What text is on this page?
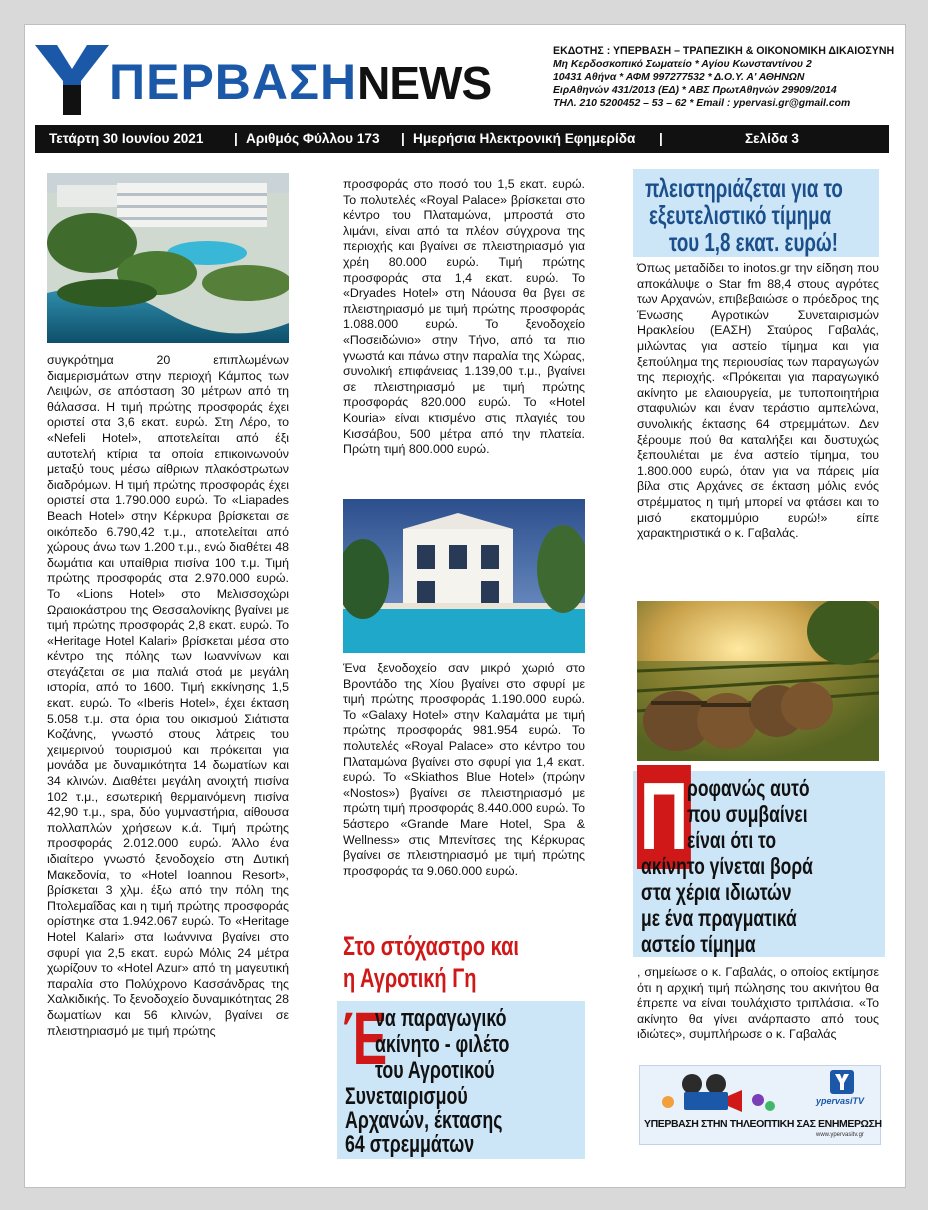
ΠΕΡΒΑΣΗNEWS
ΕΚΔΟΤΗΣ : ΥΠΕΡΒΑΣΗ – ΤΡΑΠΕΖΙΚΗ & ΟΙΚΟΝΟΜΙΚΗ ΔΙΚΑΙΟΣΥΝΗ
Μη Κερδοσκοπικό Σωματείο * Αγίου Κωνσταντίνου 2
10431 Αθήνα * ΑΦΜ 997277532 * Δ.Ο.Υ. Α' ΑΘΗΝΩΝ
ΕιρΑθηνών 431/2013 (ΕΔ) * ΑΒΣ ΠρωτΑθηνών 29909/2014
ΤΗΛ. 210 5200452 – 53 – 62 * Email : ypervasi.gr@gmail.com
Τετάρτη 30 Ιουνίου 2021 | Αριθμός Φύλλου 173 | Ημερήσια Ηλεκτρονική Εφημερίδα |	Σελίδα 3

συγκρότημα 20 επιπλωμένων διαμερισμάτων στην περιοχή Κάμπος των Λειψών, σε απόσταση 30 μέτρων από τη θάλασσα. Η τιμή πρώτης προσφοράς έχει οριστεί στα 3,6 εκατ. ευρώ. Στη Λέρο, το «Nefeli Hotel», αποτελείται από έξι αυτοτελή κτίρια τα οποία επικοινωνούν μεταξύ τους μέσω αίθριων πλακόστρωτων διαδρόμων. Η τιμή πρώτης προσφοράς έχει οριστεί στα 1.790.000 ευρώ. Το «Liapades Beach Hotel» στην Κέρκυρα βρίσκεται σε οικόπεδο 6.790,42 τ.μ., αποτελείται από χώρους άνω των 1.200 τ.μ., ενώ διαθέτει 48 δωμάτια και υπαίθρια πισίνα 100 τ.μ. Τιμή πρώτης προσφοράς στα 2.970.000 ευρώ. Το «Lions Hotel» στο Μελισσοχώρι Ωραιοκάστρου της Θεσσαλονίκης βγαίνει με τιμή πρώτης προσφοράς 2,8 εκατ. ευρώ. Το «Heritage Hotel Kalari» βρίσκεται μέσα στο κέντρο της πόλης των Ιωαννίνων και στεγάζεται σε μια παλιά στοά με μεγάλη ιστορία, από το 1600. Τιμή εκκίνησης 1,5 εκατ. ευρώ. Το «Iberis Hotel», έχει έκταση 5.058 τ.μ. στα όρια του οικισμού Σιάτιστα Κοζάνης, γνωστό στους λάτρεις του χειμερινού τουρισμού και πρόκειται για μονάδα με δυναμικότητα 14 δωματίων και 34 κλινών. Διαθέτει μεγάλη ανοιχτή πισίνα 102 τ.μ., εσωτερική θερμαινόμενη πισίνα 42,90 τ.μ., spa, δύο γυμναστήρια, αίθουσα πολλαπλών χρήσεων κ.ά. Τιμή πρώτης προσφοράς 2.012.000 ευρώ. Άλλο ένα ιδιαίτερο γνωστό ξενοδοχείο στη Δυτική Μακεδονία, το «Hotel Ioannou Resort», βρίσκεται 3 χλμ. έξω από την πόλη της Πτολεμαΐδας και η τιμή πρώτης προσφοράς ορίστηκε στα 1.942.067 ευρώ. Το «Heritage Hotel Kalari» στα Ιωάννινα βγαίνει στο σφυρί για 2,5 εκατ. ευρώ Μόλις 24 μέτρα χωρίζουν το «Hotel Azur» από τη μαγευτική παραλία στο Πολύχρονο Κασσάνδρας της Χαλκιδικής. Το ξενοδοχείο δυναμικότητας 28 δωματίων και 56 κλινών, βγαίνει σε πλειστηριασμό με τιμή πρώτης

προσφοράς στο ποσό του 1,5 εκατ. ευρώ. Το πολυτελές «Royal Palace» βρίσκεται στο κέντρο του Πλαταμώνα, μπροστά στο λιμάνι, είναι από τα πλέον σύγχρονα της περιοχής και βγαίνει σε πλειστηριασμό για χρέη 80.000 ευρώ. Τιμή πρώτης προσφοράς στα 1,4 εκατ. ευρώ. Το «Dryades Hotel» στη Νάουσα θα βγει σε πλειστηριασμό με τιμή πρώτης προσφοράς 1.088.000 ευρώ. Το ξενοδοχείο «Ποσειδώνιο» στην Τήνο, από τα πιο γνωστά και πάνω στην παραλία της Χώρας, συνολική επιφάνειας 1.139,00 τ.μ., βγαίνει σε πλειστηριασμό με τιμή πρώτης προσφοράς 820.000 ευρώ. Το «Hotel Kouria» είναι κτισμένο στις πλαγιές του Κισσάβου, 500 μέτρα από την πλατεία. Πρώτη τιμή 800.000 ευρώ.

Ένα ξενοδοχείο σαν μικρό χωριό στο Βροντάδο της Χίου βγαίνει στο σφυρί με τιμή πρώτης προσφοράς 1.190.000 ευρώ. Το «Galaxy Hotel» στην Καλαμάτα με τιμή πρώτης προσφοράς 981.954 ευρώ. Το πολυτελές «Royal Palace» στο κέντρο του Πλαταμώνα βγαίνει στο σφυρί για 1,4 εκατ. ευρώ. Το «Skiathos Blue Hotel» (πρώην «Nostos») βγαίνει σε πλειστηριασμό με πρώτη τιμή προσφοράς 8.440.000 ευρώ. Το 5άστερο «Grande Mare Hotel, Spa & Wellness» στις Μπενίτσες της Κέρκυρας βγαίνει σε πλειστηριασμό με τιμή πρώτης προσφοράς τα 9.060.000 ευρώ.

Στο στόχαστρο και
η Αγροτική Γη
Έ
να παραγωγικό
ακίνητο - φιλέτο
του Αγροτικού
Συνεταιρισμού
Αρχανών, έκτασης
64 στρεμμάτων
πλειστηριάζεται για το
εξευτελιστικό τίμημα
του 1,8 εκατ. ευρώ!

Όπως μεταδίδει το inotos.gr την είδηση που αποκάλυψε ο Star fm 88,4 στους αγρότες των Αρχανών, επιβεβαιώσε ο πρόεδρος της Ένωσης Αγροτικών Συνεταιρισμών Ηρακλείου (ΕΑΣΗ) Σταύρος Γαβαλάς, μιλώντας για αστείο τίμημα και για ξεπούλημα της περιουσίας των παραγωγών της περιοχής. «Πρόκειται για παραγωγικό ακίνητο με ελαιουργεία, με τυποποιητήρια σταφυλιών και έναν τεράστιο αμπελώνα, συνολικής έκτασης 64 στρεμμάτων. Δεν ξέρουμε πού θα καταλήξει και δυστυχώς ξεπουλιέται με ένα αστείο τίμημα, του 1.800.000 ευρώ, όταν για να πάρεις μία βίλα στις Αρχάνες σε έκταση μόλις ενός στρέμματος η τιμή μπορεί να φτάσει και το μισό εκατομμύριο ευρώ!» είπε χαρακτηριστικά ο κ. Γαβαλάς.

Π
ροφανώς αυτό
που συμβαίνει
είναι ότι το
ακίνητο γίνεται βορά
στα χέρια ιδιωτών
με ένα πραγματικά
αστείο τίμημα

, σημείωσε ο κ. Γαβαλάς, ο οποίος εκτίμησε ότι η αρχική τιμή πώλησης του ακινήτου θα έπρεπε να είναι τουλάχιστο τριπλάσια. «Το ακίνητο θα γίνει ανάρπαστο από τους ιδιώτες», συμπλήρωσε ο κ. Γαβαλάς

ypervasiTV
ΥΠΕΡΒΑΣΗ ΣΤΗΝ ΤΗΛΕΟΠΤΙΚΗ ΣΑΣ ΕΝΗΜΕΡΩΣΗ
www.ypervasitv.gr
